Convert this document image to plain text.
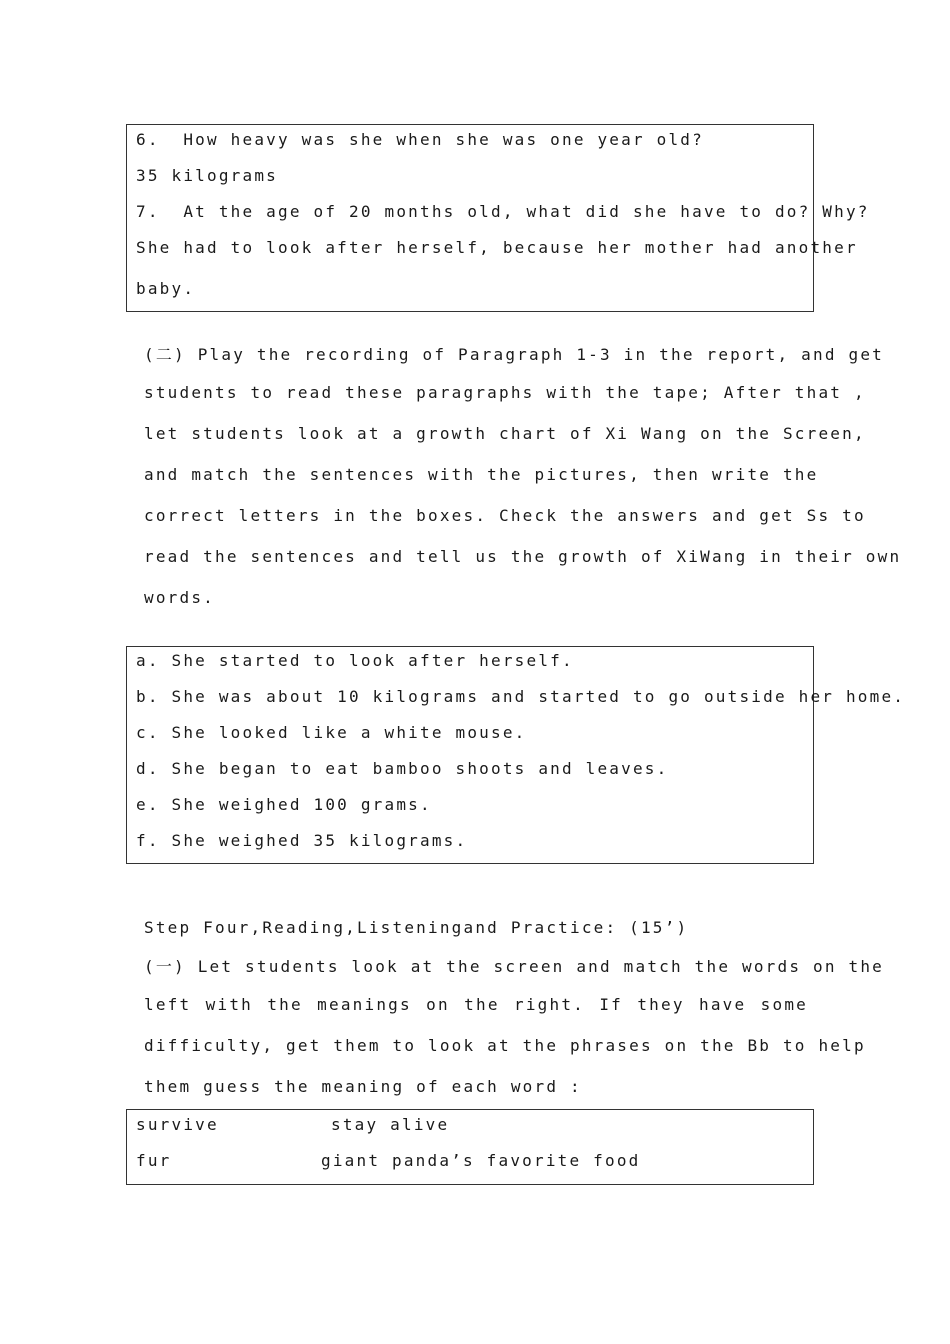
6.  How heavy was she when she was one year old?
35 kilograms
7.  At the age of 20 months old, what did she have to do? Why?
She had to look after herself, because her mother had another
baby.
(二) Play the recording of Paragraph 1-3 in the report, and get
students to read these paragraphs with the tape; After that ,
let students look at a growth chart of Xi Wang on the Screen,
and match the sentences with the pictures, then write the
correct letters in the boxes. Check the answers and get Ss to
read the sentences and tell us the growth of XiWang in their own
words.
a. She started to look after herself.
b. She was about 10 kilograms and started to go outside her home.
c. She looked like a white mouse.
d. She began to eat bamboo shoots and leaves.
e. She weighed 100 grams.
f. She weighed 35 kilograms.
Step Four,Reading,Listeningand Practice: (15’)
(一) Let students look at the screen and match the words on the
left with the meanings on the right. If they have some
difficulty, get them to look at the phrases on the Bb to help
them guess the meaning of each word :
survive	stay alive
fur	giant panda’s favorite food
